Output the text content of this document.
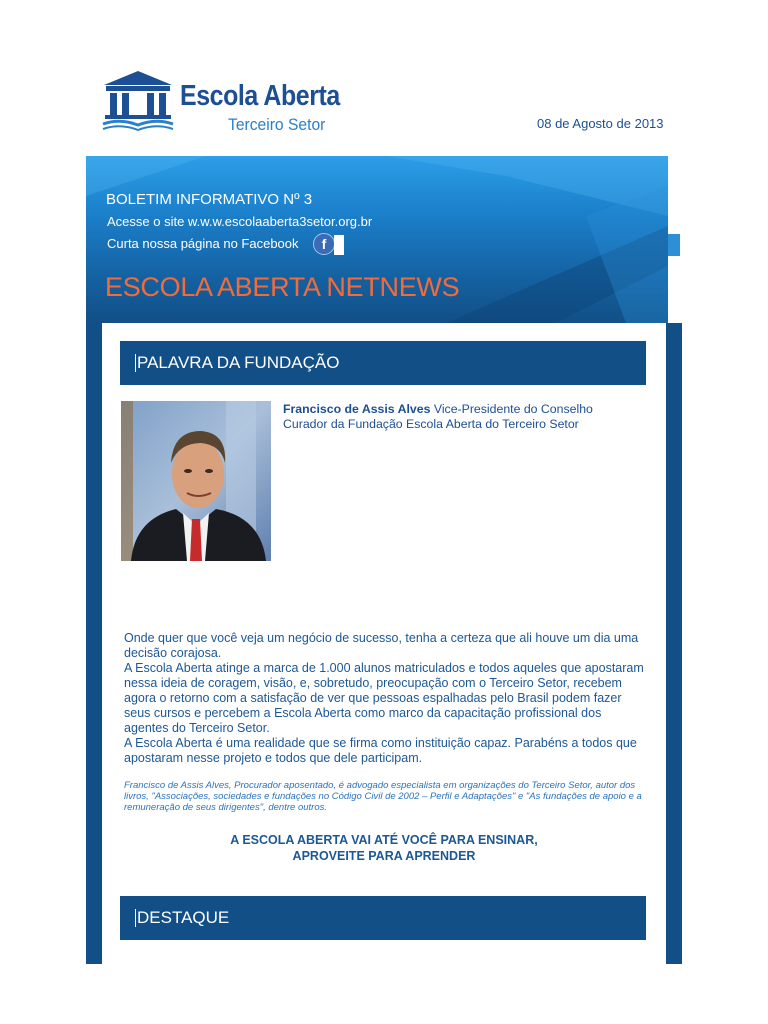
Escola Aberta
Terceiro Setor	08 de Agosto de 2013
BOLETIM INFORMATIVO Nº 3
Acesse o site w.w.w.escolaaberta3setor.org.br
Curta nossa página no Facebook	f
ESCOLA ABERTA NETNEWS
PALAVRA DA FUNDAÇÃO
Francisco de Assis Alves Vice-Presidente do Conselho Curador da Fundação Escola Aberta do Terceiro Setor

Onde quer que você veja um negócio de sucesso, tenha a certeza que ali houve um dia uma decisão corajosa.

A Escola Aberta atinge a marca de 1.000 alunos matriculados e todos aqueles que apostaram nessa ideia de coragem, visão, e, sobretudo, preocupação com o Terceiro Setor, recebem agora o retorno com a satisfação de ver que pessoas espalhadas pelo Brasil podem fazer seus cursos e percebem a Escola Aberta como marco da capacitação profissional dos agentes do Terceiro Setor.

A Escola Aberta é uma realidade que se firma como instituição capaz. Parabéns a todos que apostaram nesse projeto e todos que dele participam.

Francisco de Assis Alves, Procurador aposentado, é advogado especialista em organizações do Terceiro Setor, autor dos livros, "Associações, sociedades e fundações no Código Civil de 2002 – Perfil e Adaptações" e "As fundações de apoio e a remuneração de seus dirigentes", dentre outros.
A ESCOLA ABERTA VAI ATÉ VOCÊ PARA ENSINAR,
APROVEITE PARA APRENDER
DESTAQUE
